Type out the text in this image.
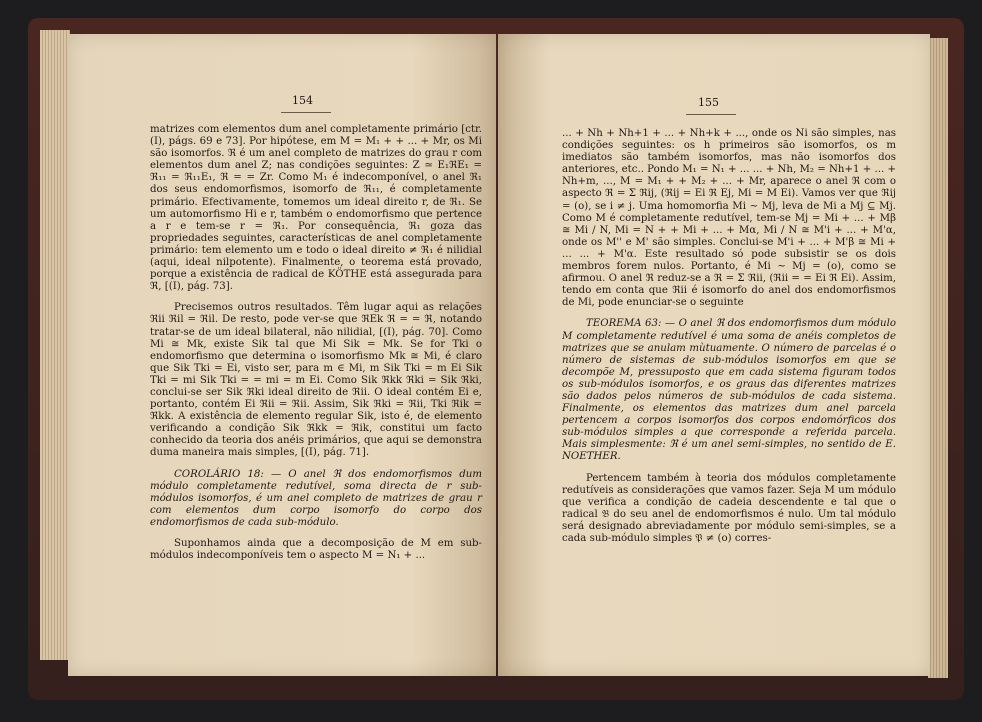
154

matrizes com elementos dum anel completamente primário [ctr. (I), págs. 69 e 73]. Por hipótese, em M = M₁ + + ... + Mr, os Mi são isomorfos. ℜ é um anel completo de matrizes do grau r com elementos dum anel Z; nas condições seguintes: Z ≃ E₁ℜE₁ = ℜ₁₁ = ℜ₁₁E₁, ℜ = = Zr. Como M₁ é indecomponível, o anel ℜ₁ dos seus endomorfismos, isomorfo de ℜ₁₁, é completamente primário. Efectivamente, tomemos um ideal direito r, de ℜ₁. Se um automorfismo Hi e r, também o endomorfismo que pertence a r e tem-se r = ℜ₁. Por consequência, ℜ₁ goza das propriedades seguintes, características de anel completamente primário: tem elemento um e todo o ideal direito ≠ ℜ₁ é nilidial (aqui, ideal nilpotente). Finalmente, o teorema está provado, porque a existência de radical de KÖTHE está assegurada para ℜ, [(I), pág. 73].

Precisemos outros resultados. Têm lugar aqui as relações ℜii ℜil = ℜil. De resto, pode ver-se que ℜEk ℜ = = ℜ, notando tratar-se de um ideal bilateral, não nilidial, [(I), pág. 70]. Como Mi ≅ Mk, existe Sik tal que Mi Sik = Mk. Se for Tki o endomorfismo que determina o isomorfismo Mk ≅ Mi, é claro que Sik Tki = Ei, visto ser, para m ∈ Mi, m Sik Tki = m Ei Sik Tki = mi Sik Tki = = mi = m Ei. Como Sik ℜkk ℜki = Sik ℜki, conclui-se ser Sik ℜki ideal direito de ℜii. O ideal contém Ei e, portanto, contém Ei ℜii = ℜii. Assim, Sik ℜki = ℜii, Tki ℜik = ℜkk. A existência de elemento regular Sik, isto é, de elemento verificando a condição Sik ℜkk = ℜik, constitui um facto conhecido da teoria dos anéis primários, que aqui se demonstra duma maneira mais simples, [(I), pág. 71].

COROLÁRIO 18: — O anel ℜ dos endomorfismos dum módulo completamente redutível, soma directa de r sub-módulos isomorfos, é um anel completo de matrizes de grau r com elementos dum corpo isomorfo do corpo dos endomorfismos de cada sub-módulo.

Suponhamos ainda que a decomposição de M em sub-módulos indecomponíveis tem o aspecto M = N₁ + ...

155

... + Nh + Nh+1 + ... + Nh+k + ..., onde os Ni são simples, nas condições seguintes: os h primeiros são isomorfos, os m imediatos são também isomorfos, mas não isomorfos dos anteriores, etc.. Pondo M₁ = N₁ + ... ... + Nh, M₂ = Nh+1 + ... + Nh+m, ..., M = M₁ + + M₂ + ... + Mr, aparece o anel ℜ com o aspecto ℜ = Σ ℜij, (ℜij = Ei ℜ Ej, Mi = M Ei). Vamos ver que ℜij = (o), se i ≠ j. Uma homomorfia Mi ∼ Mj, leva de Mi a Mj ⊆ Mj. Como M é completamente redutível, tem-se Mj = Mi + ... + Mβ ≅ Mi / N, Mi = N + + Mi + ... + Mα, Mi / N ≅ M'i + ... + M'α, onde os M'' e M' são simples. Conclui-se M'i + ... + M'β ≅ Mi + ... ... + M'α. Este resultado só pode subsistir se os dois membros forem nulos. Portanto, é Mi ∼ Mj = (o), como se afirmou. O anel ℜ reduz-se a ℜ = Σ ℜii, (ℜii = = Ei ℜ Ei). Assim, tendo em conta que ℜii é isomorfo do anel dos endomorfismos de Mi, pode enunciar-se o seguinte

TEOREMA 63: — O anel ℜ dos endomorfismos dum módulo M completamente redutível é uma soma de anéis completos de matrizes que se anulam mùtuamente. O número de parcelas é o número de sistemas de sub-módulos isomorfos em que se decompõe M, pressuposto que em cada sistema figuram todos os sub-módulos isomorfos, e os graus das diferentes matrizes são dados pelos números de sub-módulos de cada sistema. Finalmente, os elementos das matrizes dum anel parcela pertencem a corpos isomorfos dos corpos endomórficos dos sub-módulos simples a que corresponde a referida parcela. Mais simplesmente: ℜ é um anel semi-simples, no sentido de E. NOETHER.

Pertencem também à teoria dos módulos completamente redutíveis as considerações que vamos fazer. Seja M um módulo que verifica a condição de cadeia descendente e tal que o radical 𝔅 do seu anel de endomorfismos é nulo. Um tal módulo será designado abreviadamente por módulo semi-simples, se a cada sub-módulo simples 𝔓 ≠ (o) corres-
